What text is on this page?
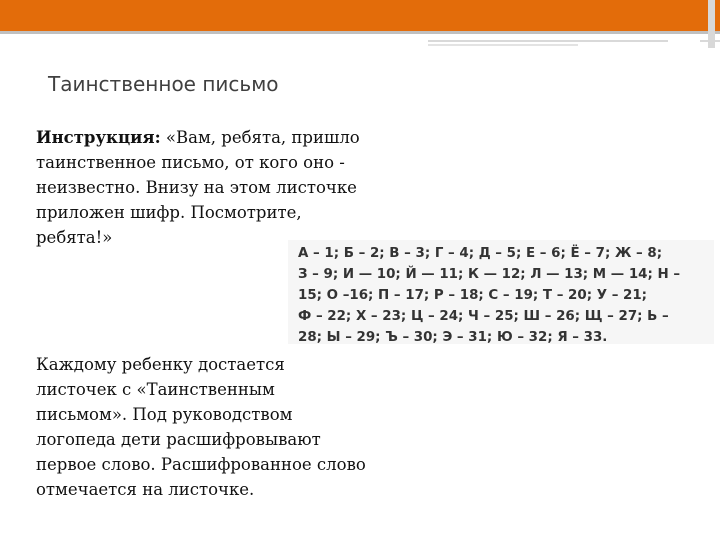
Таинственное письмо
Инструкция: «Вам, ребята, пришло таинственное письмо, от кого оно - неизвестно. Внизу на этом листочке приложен шифр. Посмотрите, ребята!»
А – 1; Б – 2; В – 3; Г – 4; Д – 5; Е – 6; Ё – 7; Ж – 8;
З – 9; И — 10; Й — 11; К — 12; Л — 13; М — 14; Н –
15; О –16; П – 17; Р – 18; С – 19; Т – 20; У – 21;
Ф – 22; Х – 23; Ц – 24; Ч – 25; Ш – 26; Щ – 27; Ь –
28; Ы – 29; Ъ – 30; Э – 31; Ю – 32; Я – 33.
Каждому ребенку достается листочек с «Таинственным письмом». Под руководством логопеда дети расшифровывают первое слово. Расшифрованное слово отмечается на листочке.
